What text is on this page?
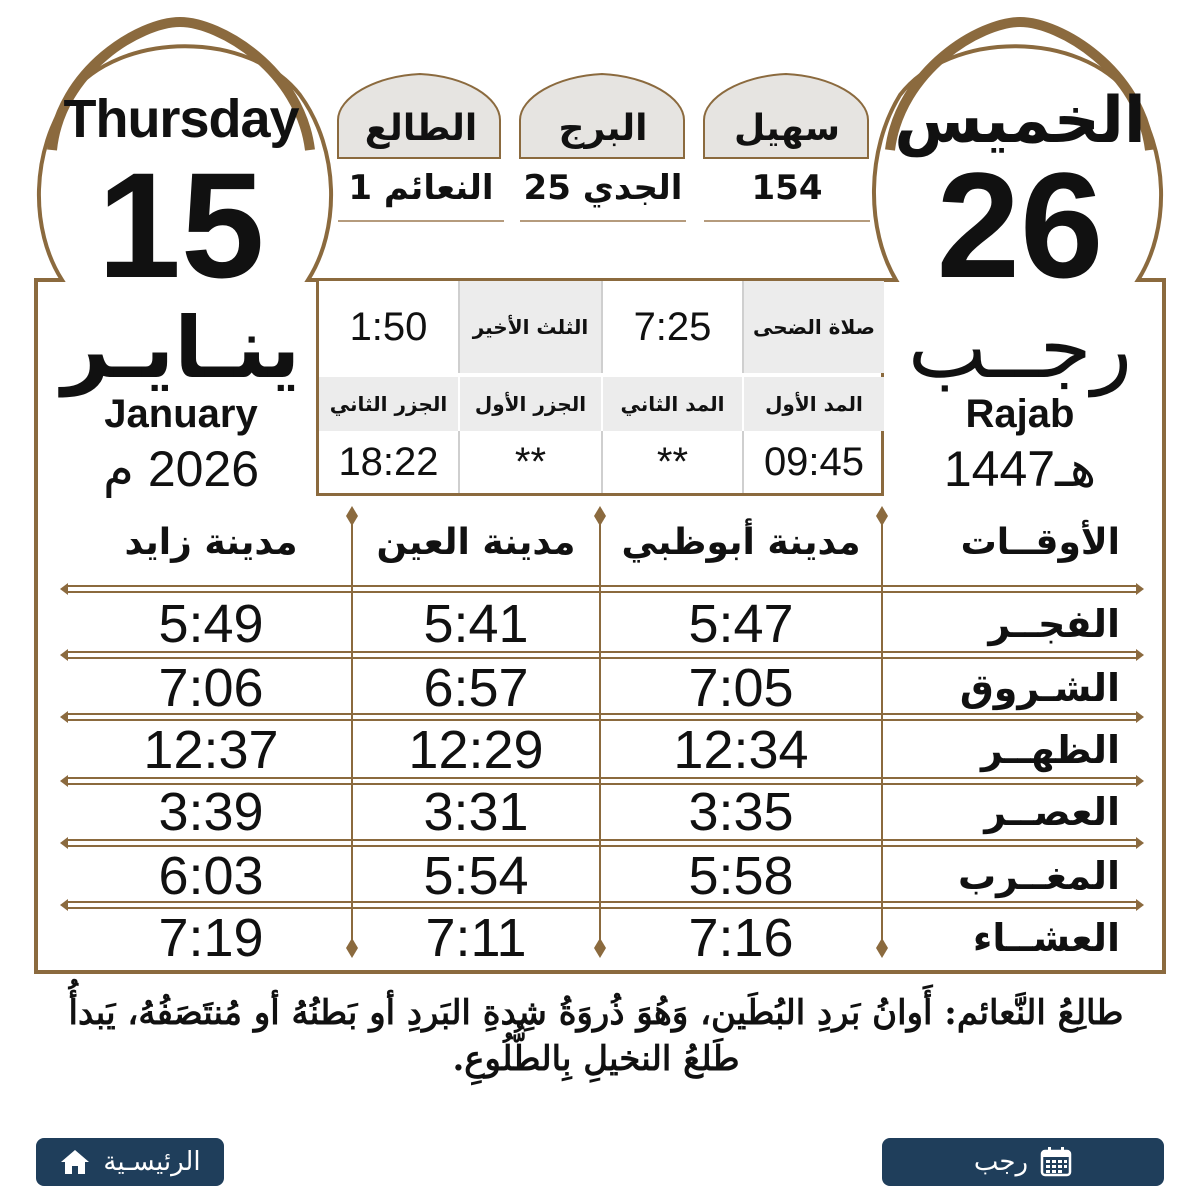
Thursday
15
ينـايـر
January
2026 م
الخميس
26
رجــب
Rajab
1447هـ
سهيل
154
البرج
الجدي 25
الطالع
النعائم 1
صلاة الضحى
7:25
الثلث الأخير
1:50
المد الأول
المد الثاني
الجزر الأول
الجزر الثاني
09:45
**
**
18:22
الأوقــات
مدينة أبوظبي
مدينة العين
مدينة زايد
الفجــر
5:47
5:41
5:49
الشـروق
7:05
6:57
7:06
الظهــر
12:34
12:29
12:37
العصــر
3:35
3:31
3:39
المغــرب
5:58
5:54
6:03
العشــاء
7:16
7:11
7:19
طالِعُ النَّعائم: أَوانُ بَردِ البُطَين، وَهُوَ ذُروَةُ شِدةِ البَردِ أو بَطنُهُ أو مُنتَصَفُهُ، يَبدأُ طَلعُ النخيلِ بِالطُّلُوعِ.
رجب
الرئيسـية
